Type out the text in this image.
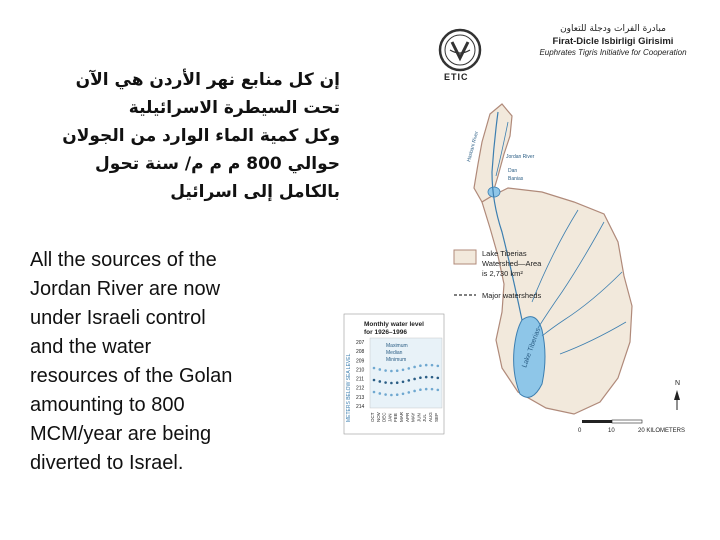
إن كل منابع نهر الأردن هي الآن
تحت السيطرة الاسرائيلية
وكل كمية الماء الوارد من الجولان
حوالي 800 م م م/ سنة تحول
بالكامل إلى اسرائيل
All the sources of the
Jordan River are now
under Israeli control
and the water
resources of the Golan
amounting to 800
MCM/year are being
diverted to Israel.
ETIC
مبادرة الفرات ودجلة للتعاون
Firat-Dicle Isbirligi Girisimi
Euphrates Tigris Initiative for Cooperation
Lake Tiberias
Jordan River
Hasbani River
Dan
Banias
Lake Tiberias
Watershed—Area
is 2,730 km²
Major watersheds
Monthly water level
for 1926–1996
METERS BELOW SEA LEVEL
207
208
209
210
211
212
213
214
OCT NOV DEC JAN FEB MAR APR MAY JUN JUL AUG SEP
Maximum
Median
Minimum
N
0	10	20 KILOMETERS
